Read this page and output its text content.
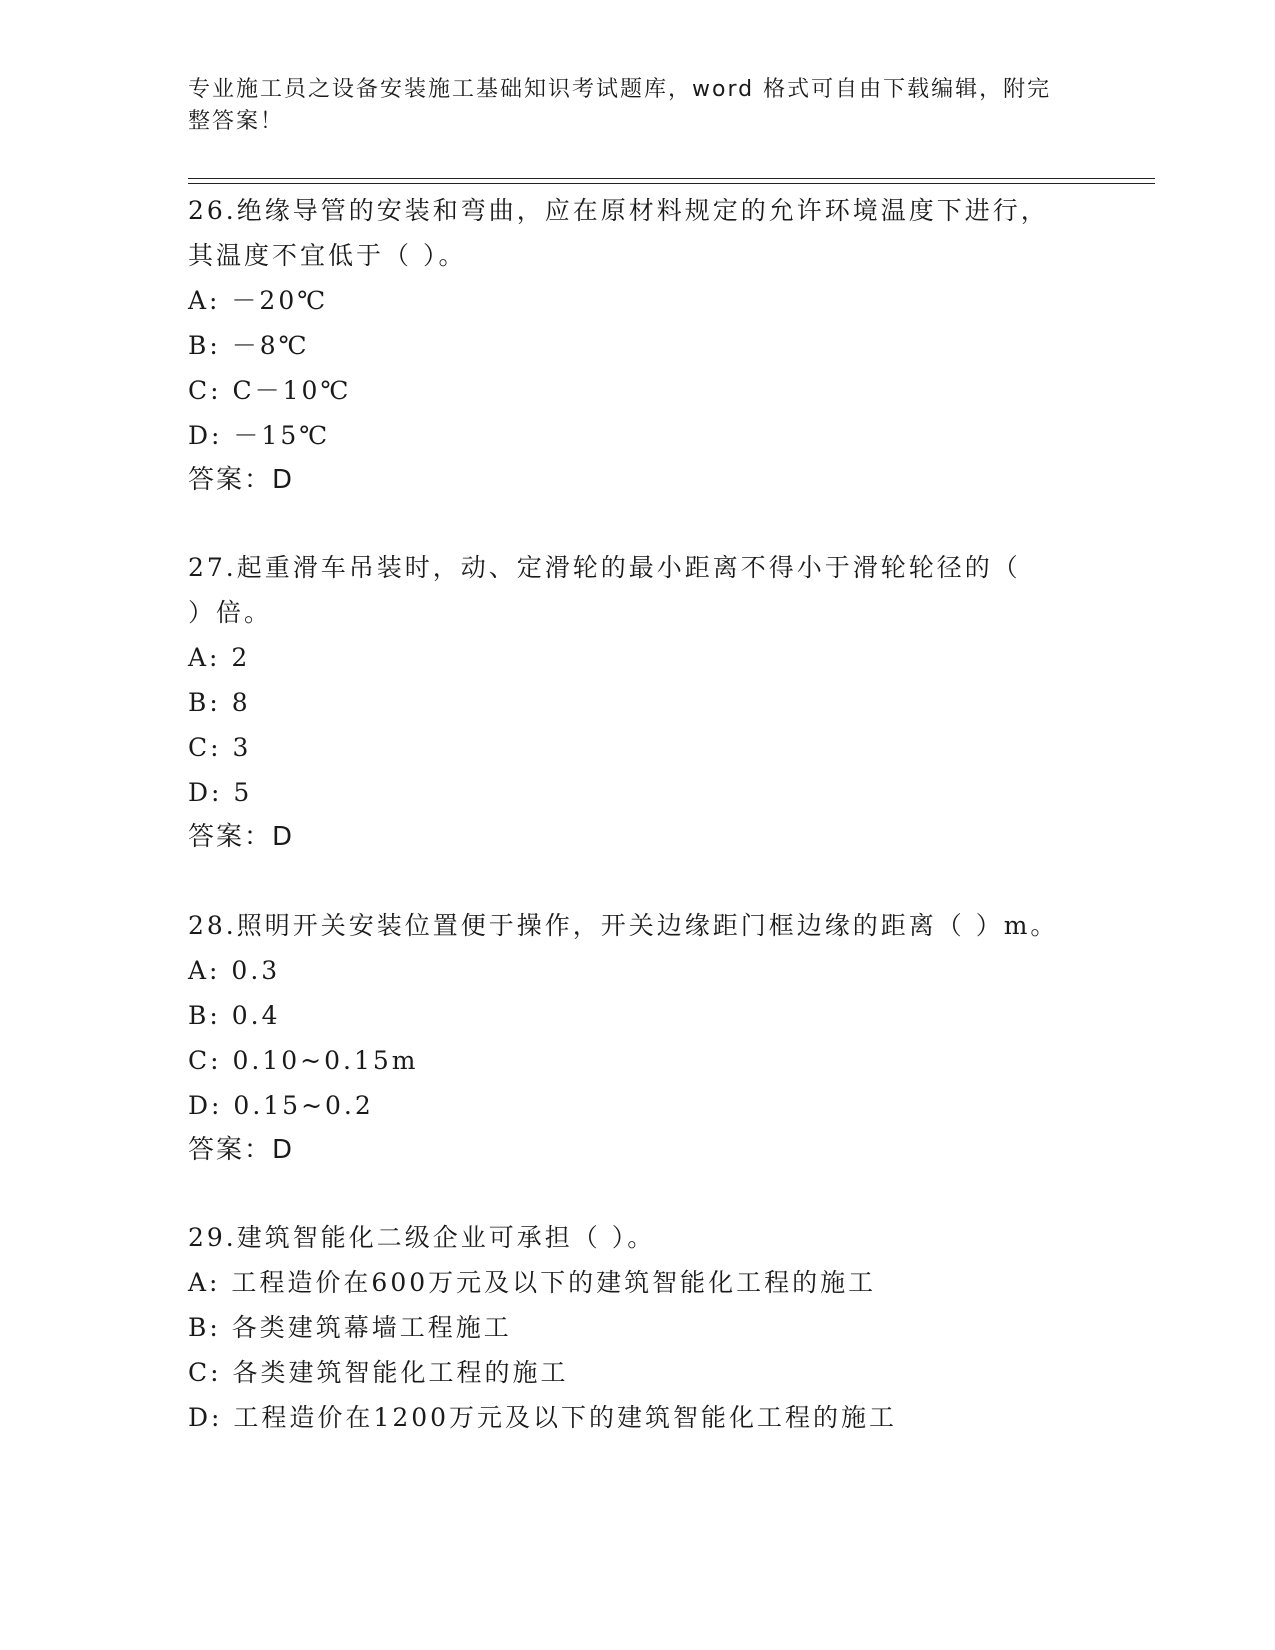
专业施工员之设备安装施工基础知识考试题库，word 格式可自由下载编辑，附完
整答案！
26.绝缘导管的安装和弯曲，应在原材料规定的允许环境温度下进行，
其温度不宜低于（ ）。
A: －20℃
B: －8℃
C: C－10℃
D: －15℃
答案：D
27.起重滑车吊装时，动、定滑轮的最小距离不得小于滑轮轮径的（
）倍。
A: 2
B: 8
C: 3
D: 5
答案：D
28.照明开关安装位置便于操作，开关边缘距门框边缘的距离（ ）m。
A: 0.3
B: 0.4
C: 0.10~0.15m
D: 0.15~0.2
答案：D
29.建筑智能化二级企业可承担（ ）。
A: 工程造价在600万元及以下的建筑智能化工程的施工
B: 各类建筑幕墙工程施工
C: 各类建筑智能化工程的施工
D: 工程造价在1200万元及以下的建筑智能化工程的施工
